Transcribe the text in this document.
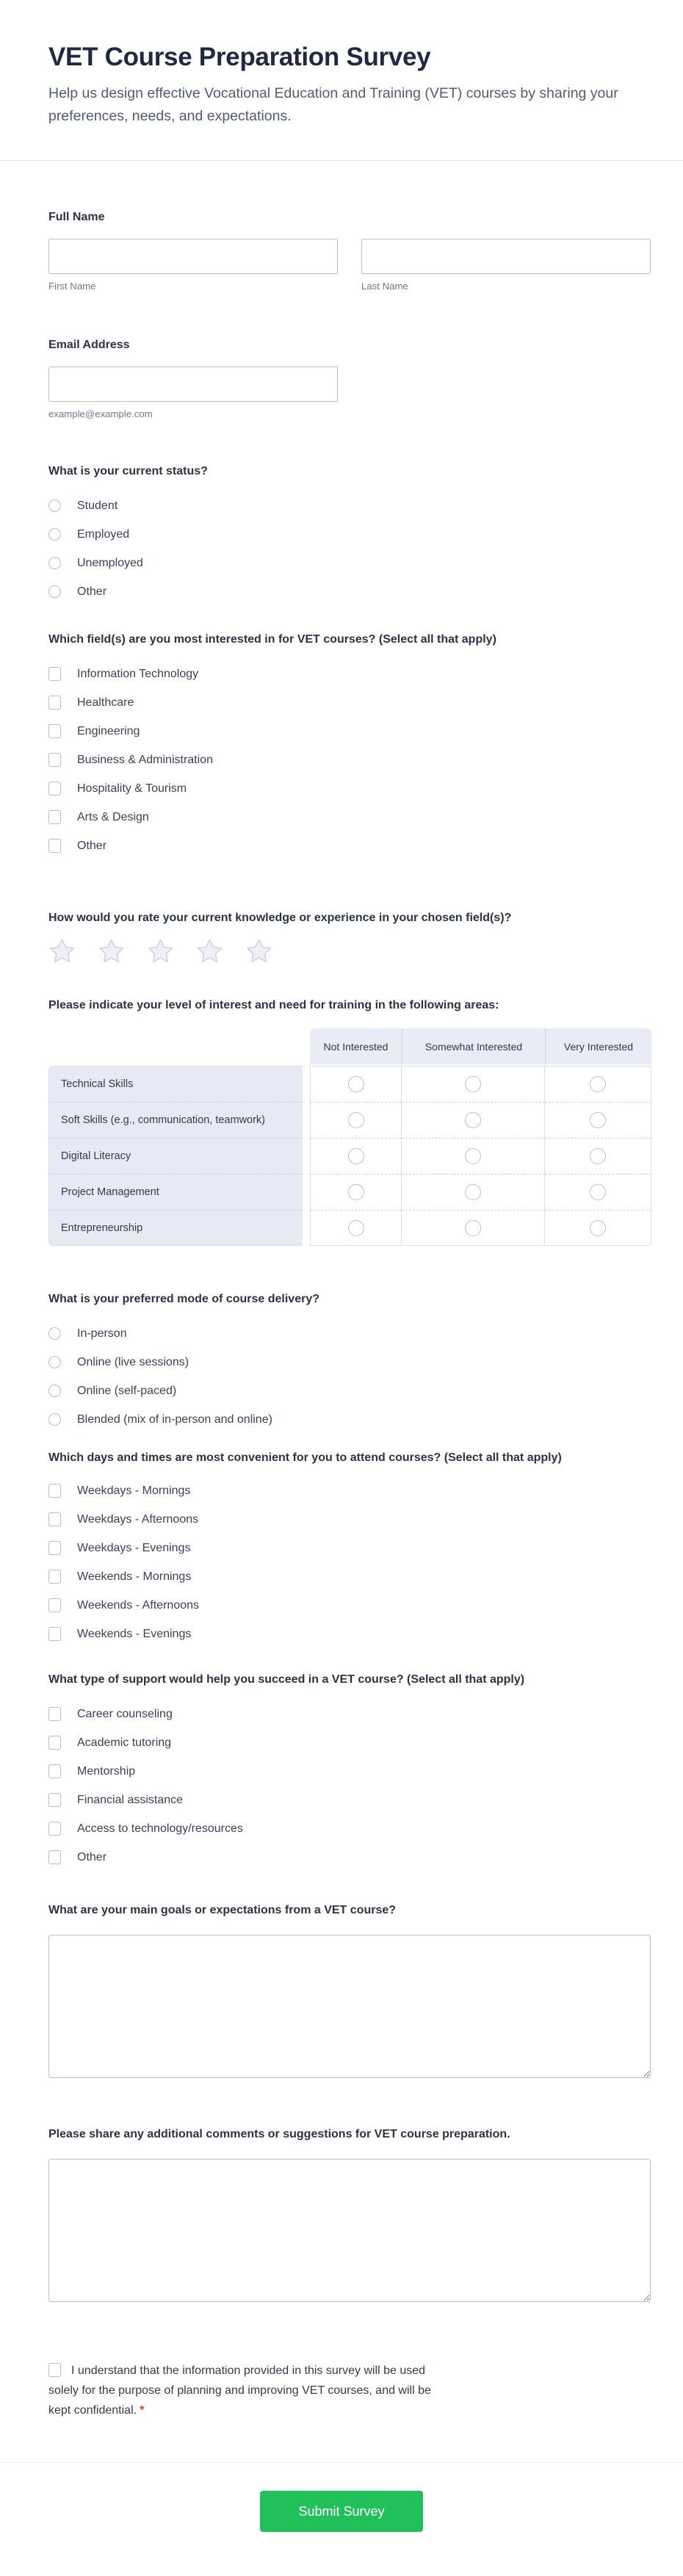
VET Course Preparation Survey

Help us design effective Vocational Education and Training (VET) courses by sharing your preferences, needs, and expectations.

Full Name
First Name	Last Name
Email Address
example@example.com
What is your current status?
Student
Employed
Unemployed
Other
Which field(s) are you most interested in for VET courses? (Select all that apply)
Information Technology
Healthcare
Engineering
Business & Administration
Hospitality & Tourism
Arts & Design
Other
How would you rate your current knowledge or experience in your chosen field(s)?
Please indicate your level of interest and need for training in the following areas:
Not Interested	Somewhat Interested	Very Interested
Technical Skills
Soft Skills (e.g., communication, teamwork)
Digital Literacy
Project Management
Entrepreneurship
What is your preferred mode of course delivery?
In-person
Online (live sessions)
Online (self-paced)
Blended (mix of in-person and online)
Which days and times are most convenient for you to attend courses? (Select all that apply)
Weekdays - Mornings
Weekdays - Afternoons
Weekdays - Evenings
Weekends - Mornings
Weekends - Afternoons
Weekends - Evenings
What type of support would help you succeed in a VET course? (Select all that apply)
Career counseling
Academic tutoring
Mentorship
Financial assistance
Access to technology/resources
Other
What are your main goals or expectations from a VET course?
Please share any additional comments or suggestions for VET course preparation.

I understand that the information provided in this survey will be used
solely for the purpose of planning and improving VET courses, and will be
kept confidential. *

Submit Survey
